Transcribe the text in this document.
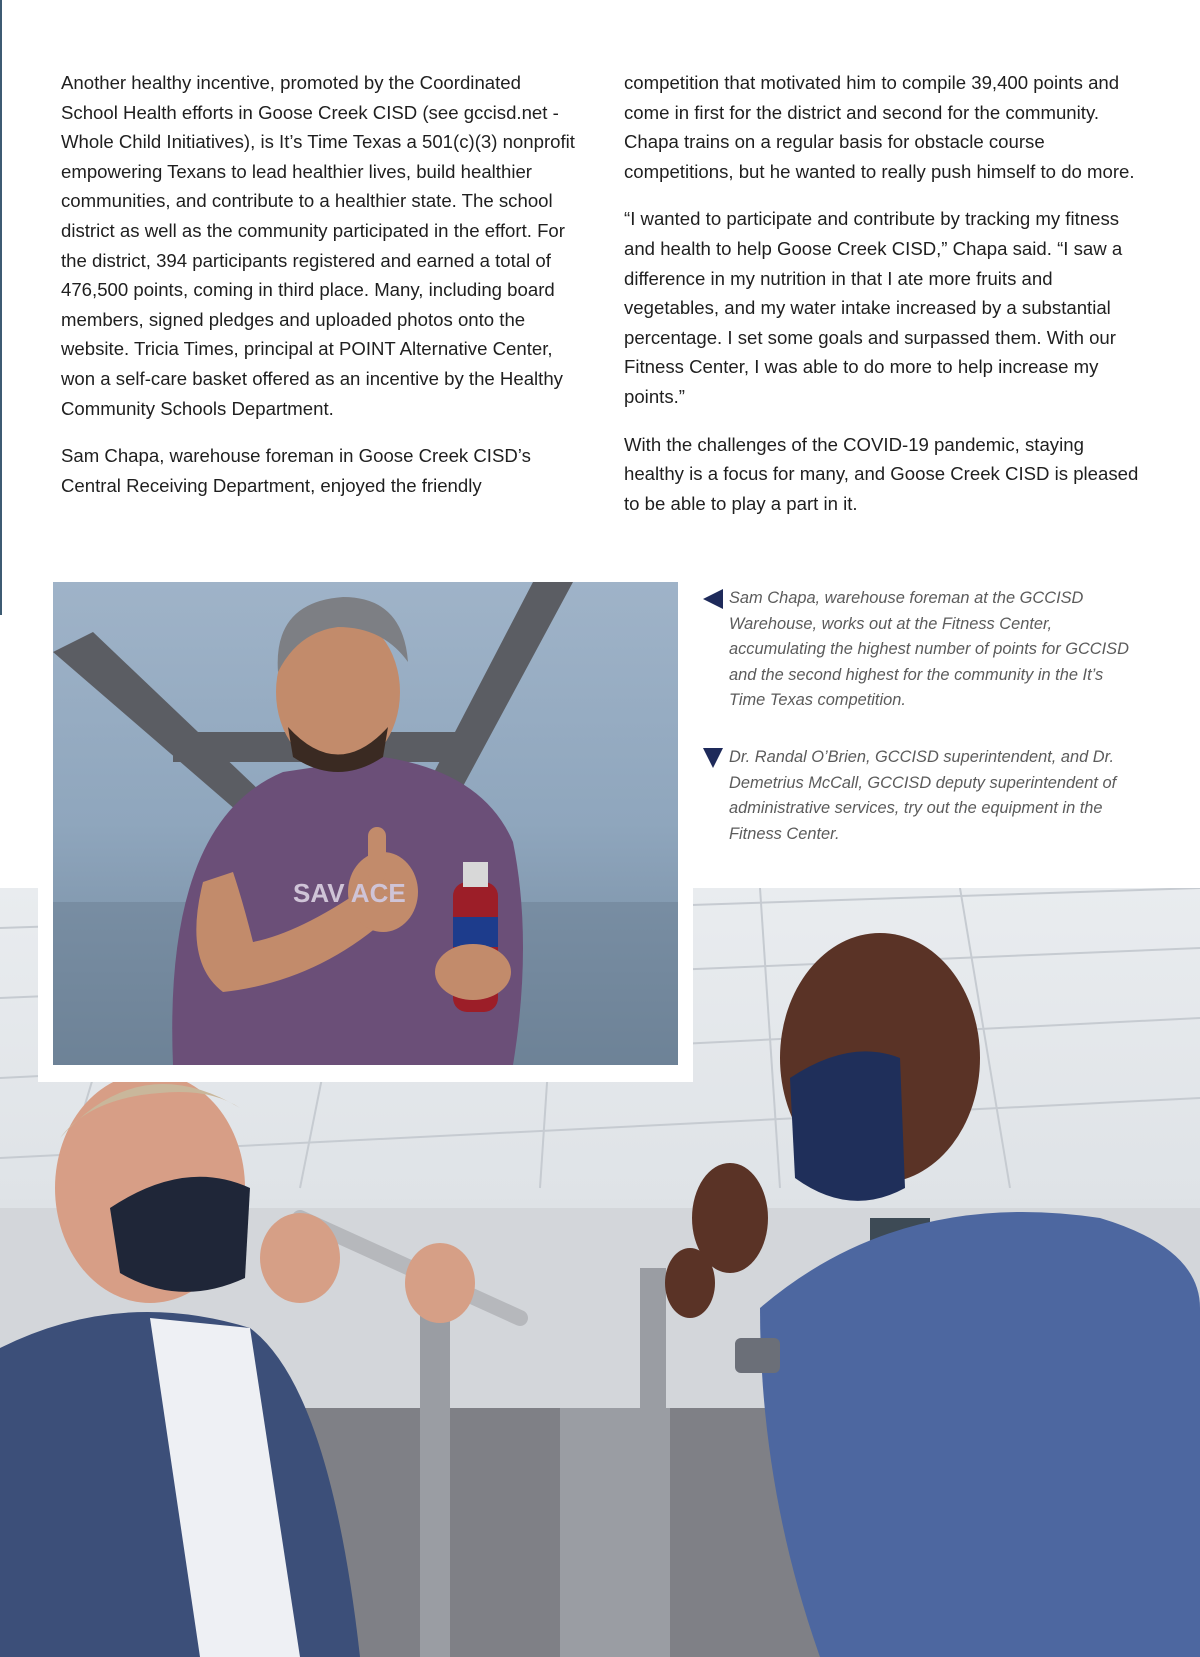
Another healthy incentive, promoted by the Coordinated School Health efforts in Goose Creek CISD (see gccisd.net - Whole Child Initiatives), is It’s Time Texas a 501(c)(3) nonprofit empowering Texans to lead healthier lives, build healthier communities, and contribute to a healthier state. The school district as well as the community participated in the effort. For the district, 394 participants registered and earned a total of 476,500 points, coming in third place. Many, including board members, signed pledges and uploaded photos onto the website. Tricia Times, principal at POINT Alternative Center, won a self-care basket offered as an incentive by the Healthy Community Schools Department.

Sam Chapa, warehouse foreman in Goose Creek CISD’s Central Receiving Department, enjoyed the friendly

competition that motivated him to compile 39,400 points and come in first for the district and second for the community. Chapa trains on a regular basis for obstacle course competitions, but he wanted to really push himself to do more.

“I wanted to participate and contribute by tracking my fitness and health to help Goose Creek CISD,” Chapa said. “I saw a difference in my nutrition in that I ate more fruits and vegetables, and my water intake increased by a substantial percentage. I set some goals and surpassed them. With our Fitness Center, I was able to do more to help increase my points.”

With the challenges of the COVID-19 pandemic, staying healthy is a focus for many, and Goose Creek CISD is pleased to be able to play a part in it.

SAV ACE
Sam Chapa, warehouse foreman at the GCCISD Warehouse, works out at the Fitness Center, accumulating the highest number of points for GCCISD and the second highest for the community in the It’s Time Texas competition.
Dr. Randal O’Brien, GCCISD superintendent, and Dr. Demetrius McCall, GCCISD deputy superintendent of administrative services, try out the equipment in the Fitness Center.
